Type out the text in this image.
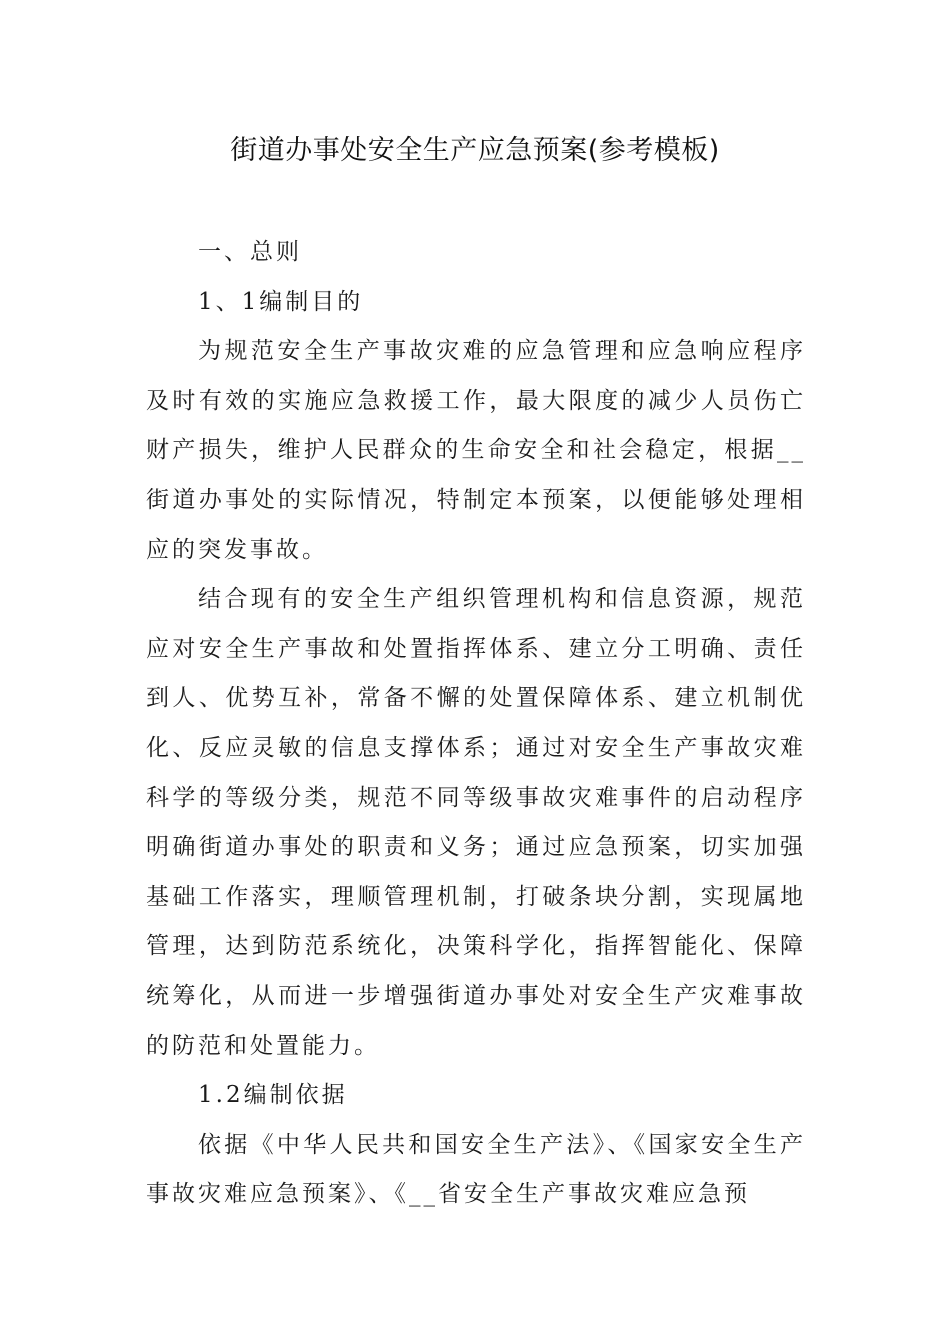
街道办事处安全生产应急预案(参考模板)
一、总则
1、1编制目的
为规范安全生产事故灾难的应急管理和应急响应程序及时有效的实施应急救援工作，最大限度的减少人员伤亡财产损失，维护人民群众的生命安全和社会稳定，根据__街道办事处的实际情况，特制定本预案，以便能够处理相应的突发事故。
结合现有的安全生产组织管理机构和信息资源，规范应对安全生产事故和处置指挥体系、建立分工明确、责任到人、优势互补，常备不懈的处置保障体系、建立机制优化、反应灵敏的信息支撑体系；通过对安全生产事故灾难科学的等级分类，规范不同等级事故灾难事件的启动程序明确街道办事处的职责和义务；通过应急预案，切实加强基础工作落实，理顺管理机制，打破条块分割，实现属地管理，达到防范系统化，决策科学化，指挥智能化、保障统筹化，从而进一步增强街道办事处对安全生产灾难事故的防范和处置能力。
1.2编制依据
依据《中华人民共和国安全生产法》、《国家安全生产事故灾难应急预案》、《__省安全生产事故灾难应急预
